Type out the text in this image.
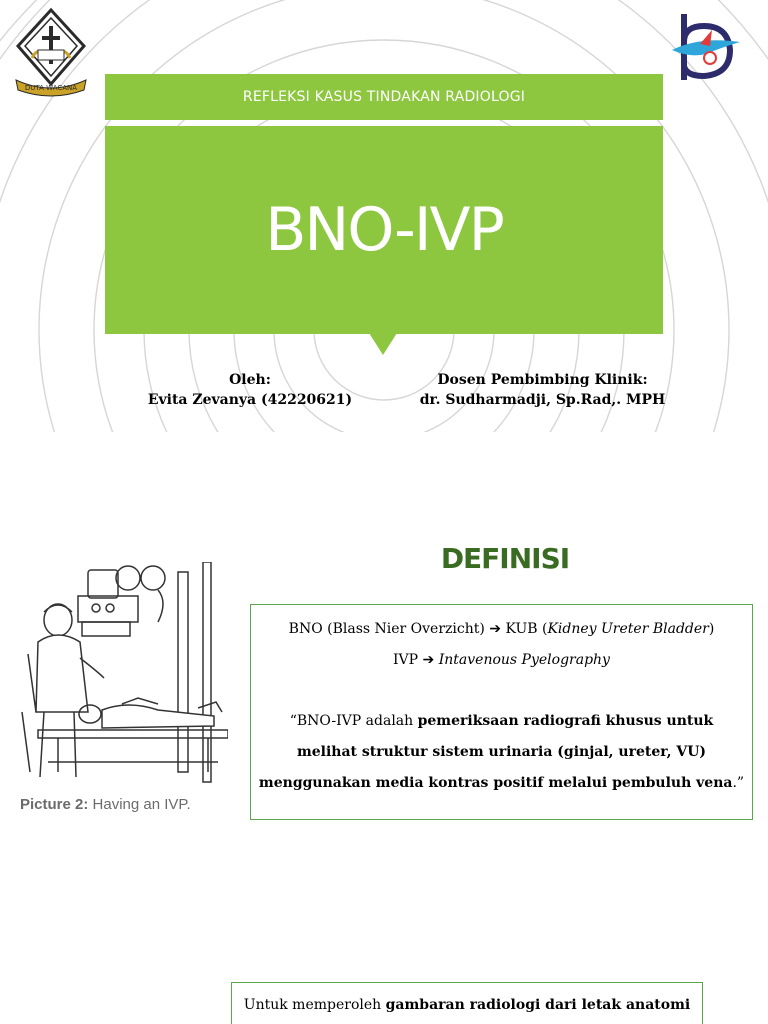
DUTA WACANA
REFLEKSI KASUS TINDAKAN RADIOLOGI
BNO-IVP
Oleh:
Evita Zevanya (42220621)
Dosen Pembimbing Klinik:
dr. Sudharmadji, Sp.Rad,. MPH
Picture 2: Having an IVP.
DEFINISI
BNO (Blass Nier Overzicht) ➔ KUB (Kidney Ureter Bladder)
IVP ➔ Intavenous Pyelography
“BNO-IVP adalah pemeriksaan radiografi khusus untuk
melihat struktur sistem urinaria (ginjal, ureter, VU)
menggunakan media kontras positif melalui pembuluh vena.”
Untuk memperoleh gambaran radiologi dari letak anatomi
